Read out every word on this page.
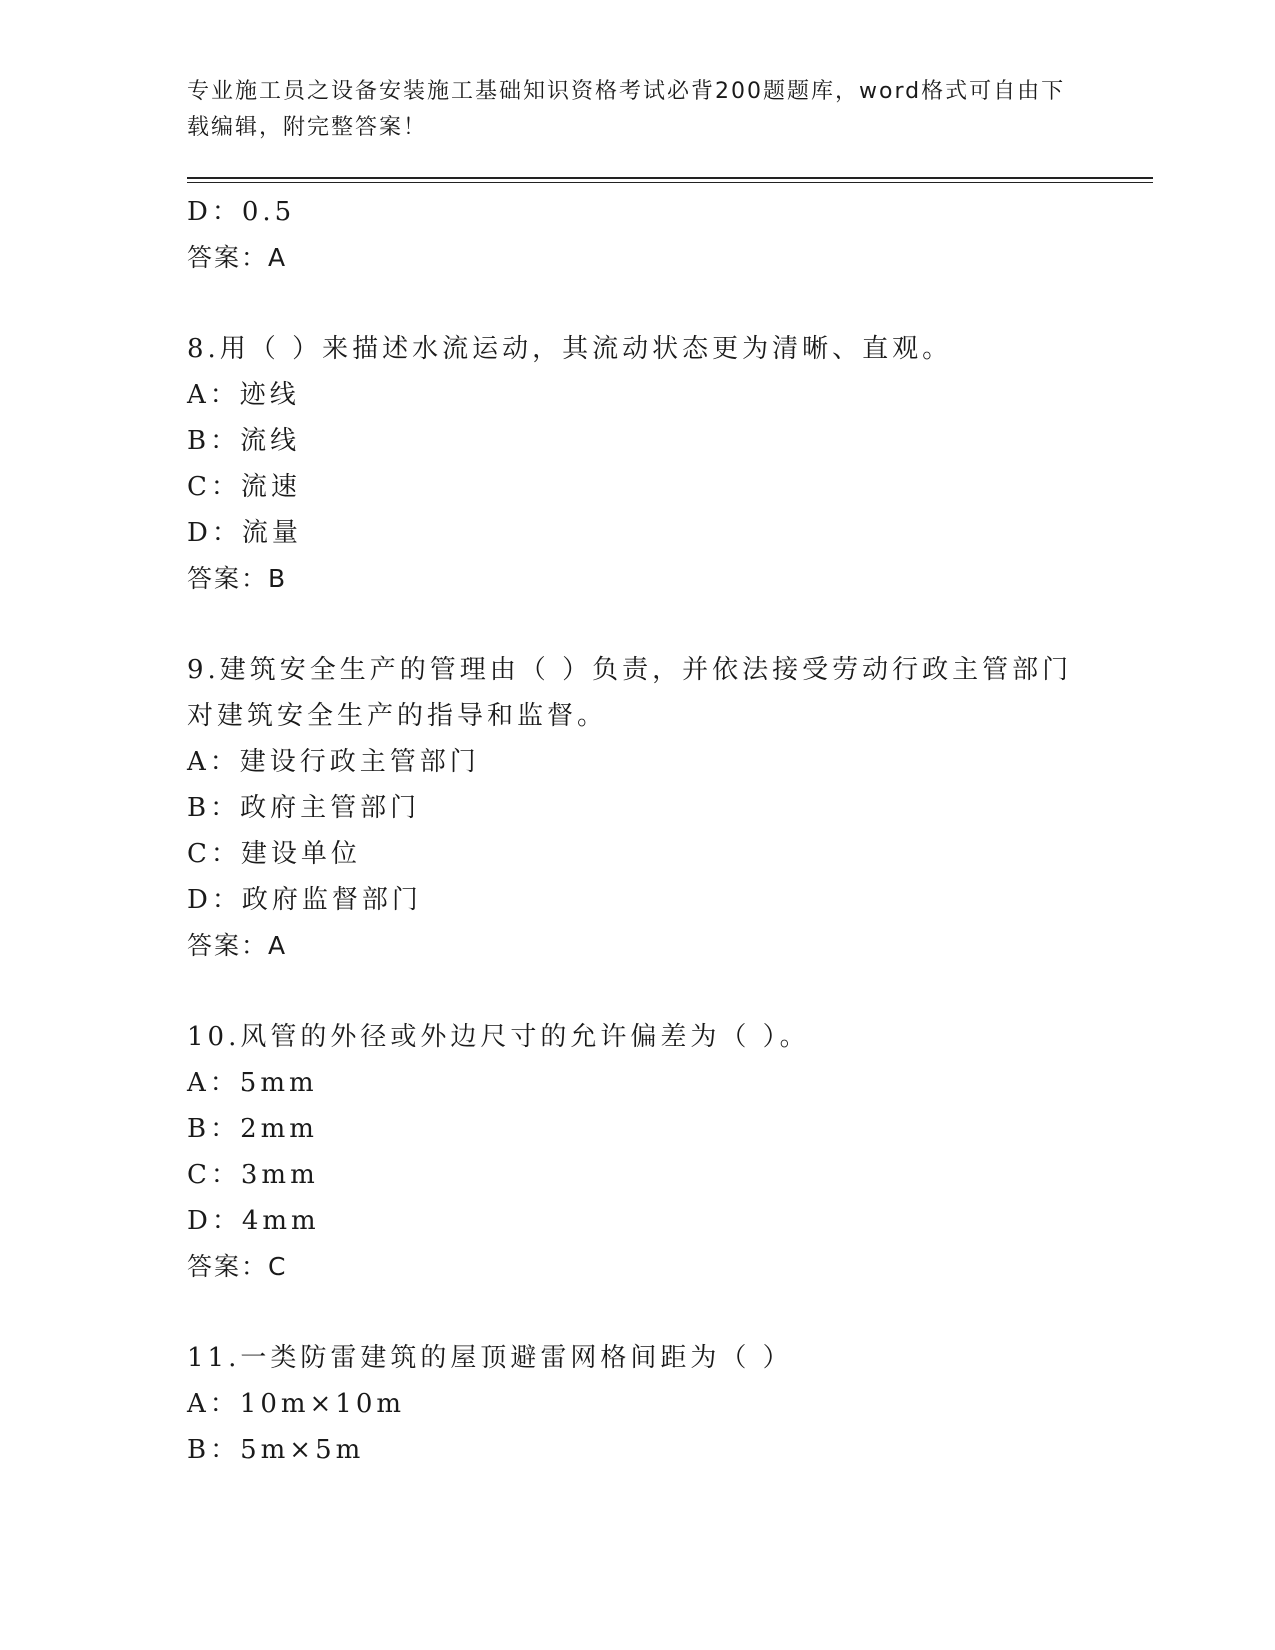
专业施工员之设备安装施工基础知识资格考试必背200题题库，word格式可自由下载编辑，附完整答案！
D：0.5
答案：A
8.用（ ）来描述水流运动，其流动状态更为清晰、直观。
A：迹线
B：流线
C：流速
D：流量
答案：B
9.建筑安全生产的管理由（ ）负责，并依法接受劳动行政主管部门对建筑安全生产的指导和监督。
A：建设行政主管部门
B：政府主管部门
C：建设单位
D：政府监督部门
答案：A
10.风管的外径或外边尺寸的允许偏差为（ ）。
A：5mm
B：2mm
C：3mm
D：4mm
答案：C
11.一类防雷建筑的屋顶避雷网格间距为（ ）
A：10m×10m
B：5m×5m
